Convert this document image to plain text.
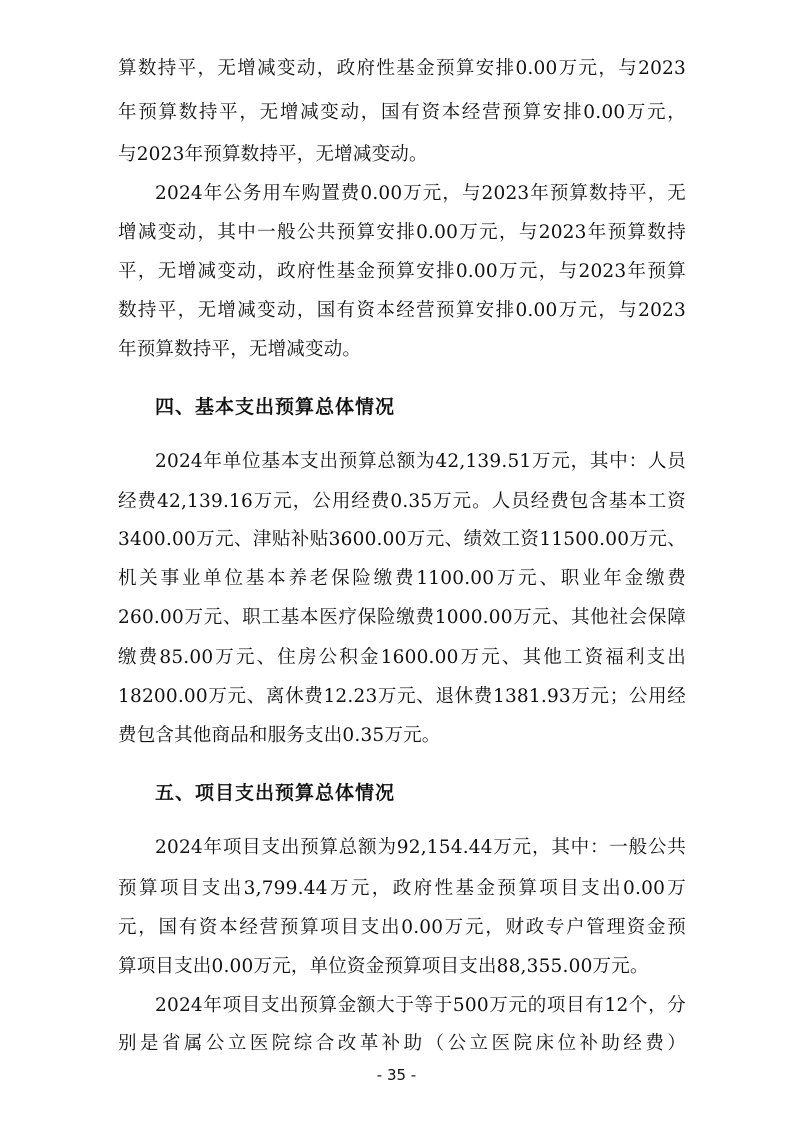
算数持平，无增减变动，政府性基金预算安排0.00万元，与2023
年预算数持平，无增减变动，国有资本经营预算安排0.00万元，
与2023年预算数持平，无增减变动。
2024年公务用车购置费0.00万元，与2023年预算数持平，无
增减变动，其中一般公共预算安排0.00万元，与2023年预算数持
平，无增减变动，政府性基金预算安排0.00万元，与2023年预算
数持平，无增减变动，国有资本经营预算安排0.00万元，与2023
年预算数持平，无增减变动。
四、基本支出预算总体情况
2024年单位基本支出预算总额为42,139.51万元，其中：人员
经费42,139.16万元，公用经费0.35万元。人员经费包含基本工资
3400.00万元、津贴补贴3600.00万元、绩效工资11500.00万元、
机关事业单位基本养老保险缴费1100.00万元、职业年金缴费
260.00万元、职工基本医疗保险缴费1000.00万元、其他社会保障
缴费85.00万元、住房公积金1600.00万元、其他工资福利支出
18200.00万元、离休费12.23万元、退休费1381.93万元；公用经
费包含其他商品和服务支出0.35万元。
五、项目支出预算总体情况
2024年项目支出预算总额为92,154.44万元，其中：一般公共
预算项目支出3,799.44万元，政府性基金预算项目支出0.00万
元，国有资本经营预算项目支出0.00万元，财政专户管理资金预
算项目支出0.00万元，单位资金预算项目支出88,355.00万元。
2024年项目支出预算金额大于等于500万元的项目有12个，分
别是省属公立医院综合改革补助（公立医院床位补助经费）
- 35 -
